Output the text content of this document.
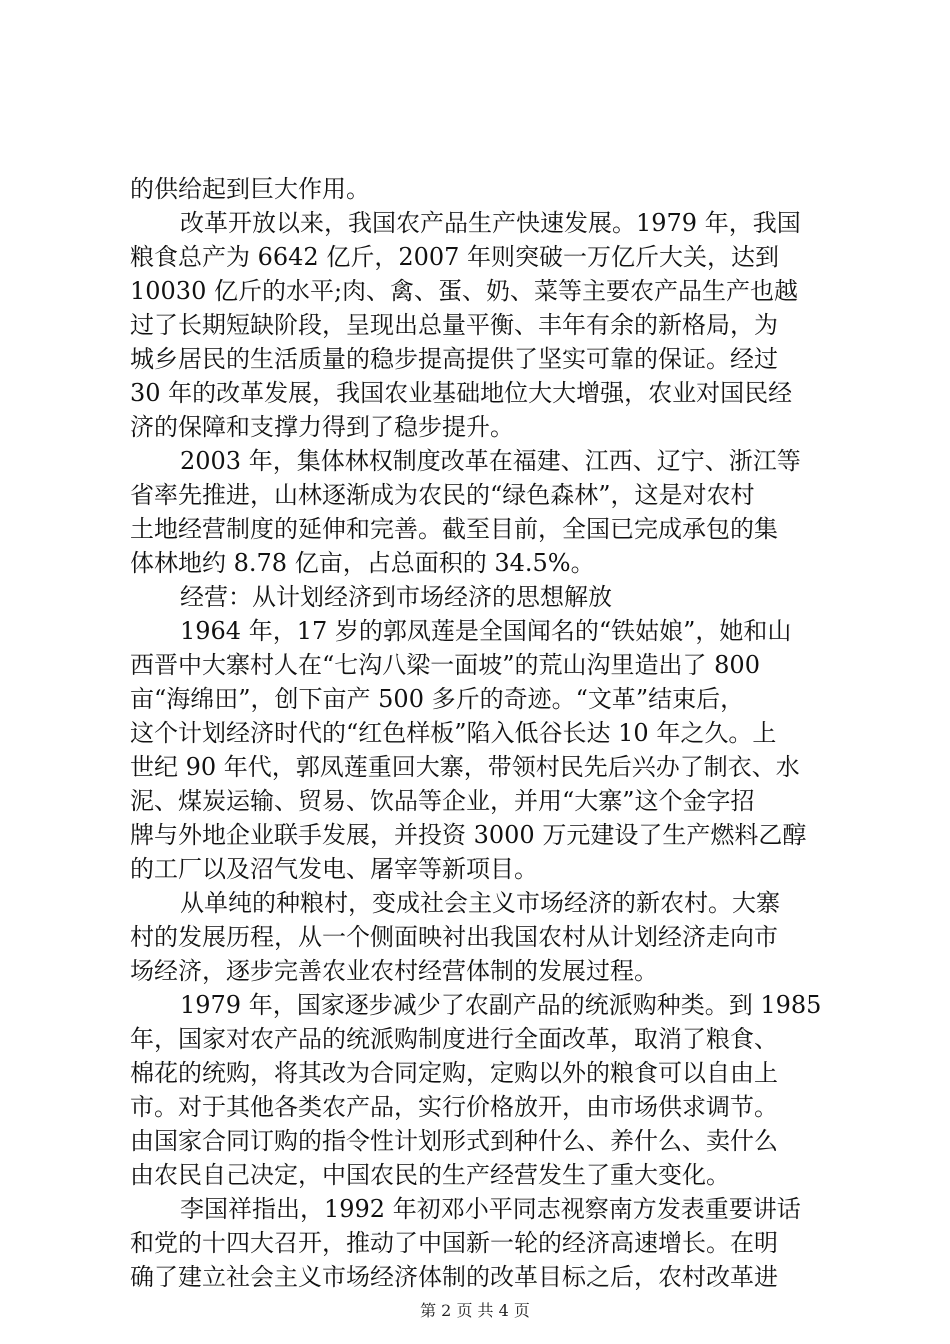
的供给起到巨大作用。
改革开放以来，我国农产品生产快速发展。1979 年，我国
粮食总产为 6642 亿斤，2007 年则突破一万亿斤大关，达到
10030 亿斤的水平;肉、禽、蛋、奶、菜等主要农产品生产也越
过了长期短缺阶段，呈现出总量平衡、丰年有余的新格局，为
城乡居民的生活质量的稳步提高提供了坚实可靠的保证。经过
30 年的改革发展，我国农业基础地位大大增强，农业对国民经
济的保障和支撑力得到了稳步提升。
2003 年，集体林权制度改革在福建、江西、辽宁、浙江等
省率先推进，山林逐渐成为农民的“绿色森林”，这是对农村
土地经营制度的延伸和完善。截至目前，全国已完成承包的集
体林地约 8.78 亿亩，占总面积的 34.5%。
经营：从计划经济到市场经济的思想解放
1964 年，17 岁的郭凤莲是全国闻名的“铁姑娘”，她和山
西晋中大寨村人在“七沟八梁一面坡”的荒山沟里造出了 800
亩“海绵田”，创下亩产 500 多斤的奇迹。“文革”结束后，
这个计划经济时代的“红色样板”陷入低谷长达 10 年之久。上
世纪 90 年代，郭凤莲重回大寨，带领村民先后兴办了制衣、水
泥、煤炭运输、贸易、饮品等企业，并用“大寨”这个金字招
牌与外地企业联手发展，并投资 3000 万元建设了生产燃料乙醇
的工厂以及沼气发电、屠宰等新项目。
从单纯的种粮村，变成社会主义市场经济的新农村。大寨
村的发展历程，从一个侧面映衬出我国农村从计划经济走向市
场经济，逐步完善农业农村经营体制的发展过程。
1979 年，国家逐步减少了农副产品的统派购种类。到 1985
年，国家对农产品的统派购制度进行全面改革，取消了粮食、
棉花的统购，将其改为合同定购，定购以外的粮食可以自由上
市。对于其他各类农产品，实行价格放开，由市场供求调节。
由国家合同订购的指令性计划形式到种什么、养什么、卖什么
由农民自己决定，中国农民的生产经营发生了重大变化。
李国祥指出，1992 年初邓小平同志视察南方发表重要讲话
和党的十四大召开，推动了中国新一轮的经济高速增长。在明
确了建立社会主义市场经济体制的改革目标之后，农村改革进
第 2 页 共 4 页
